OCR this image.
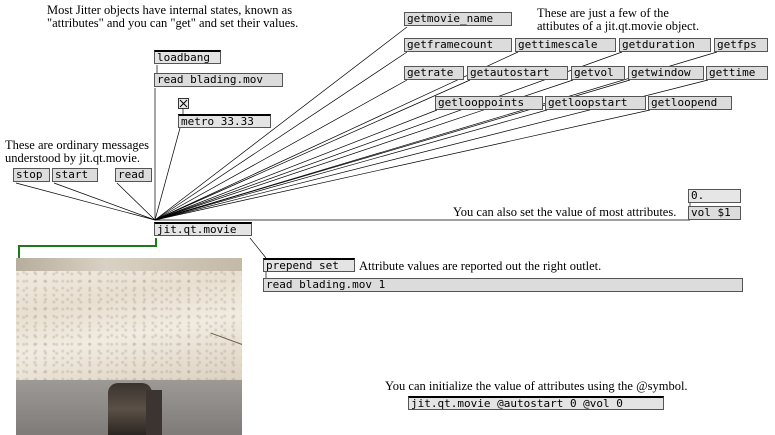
Most Jitter objects have internal states, known as
"attributes" and you can "get" and set their values.
These are just a few of the
attibutes of a jit.qt.movie object.
These are ordinary messages
understood by jit.qt.movie.
You can also set the value of most attributes.
Attribute values are reported out the right outlet.
You can initialize the value of attributes using the @symbol.
loadbang
read blading.mov
metro 33.33
stop	start	read
getmovie_name
getframecount	gettimescale	getduration	getfps
getrate	getautostart	getvol	getwindow	gettime
getlooppoints	getloopstart	getloopend
0.
vol $1
jit.qt.movie
prepend set
read blading.mov 1
jit.qt.movie @autostart 0 @vol 0
